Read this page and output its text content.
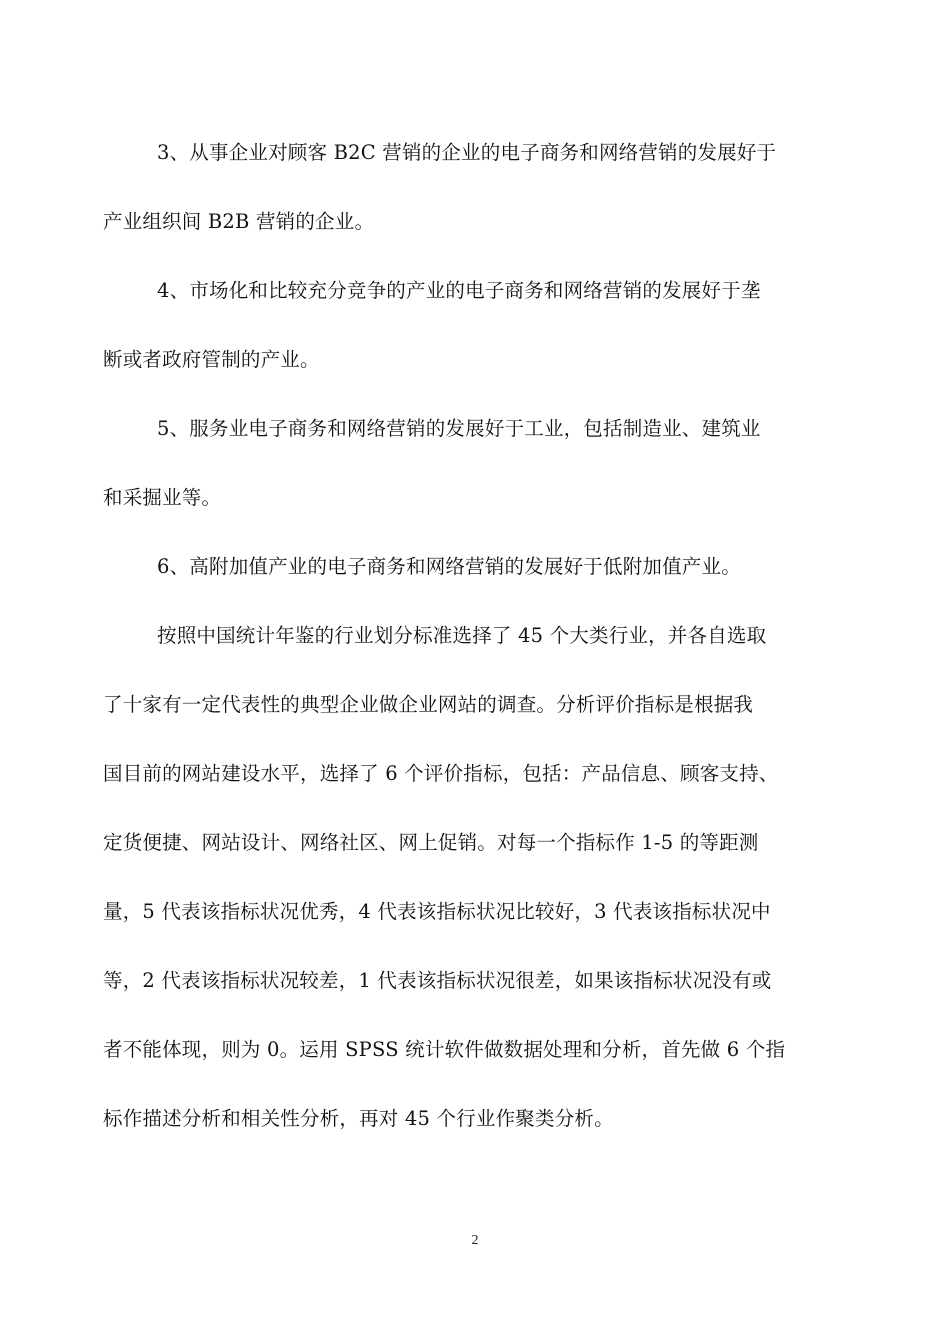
3、从事企业对顾客 B2C 营销的企业的电子商务和网络营销的发展好于
产业组织间 B2B 营销的企业。
4、市场化和比较充分竞争的产业的电子商务和网络营销的发展好于垄
断或者政府管制的产业。
5、服务业电子商务和网络营销的发展好于工业，包括制造业、建筑业
和采掘业等。
6、高附加值产业的电子商务和网络营销的发展好于低附加值产业。
按照中国统计年鉴的行业划分标准选择了 45 个大类行业，并各自选取
了十家有一定代表性的典型企业做企业网站的调查。分析评价指标是根据我
国目前的网站建设水平，选择了 6 个评价指标，包括：产品信息、顾客支持、
定货便捷、网站设计、网络社区、网上促销。对每一个指标作 1-5 的等距测
量，5 代表该指标状况优秀，4 代表该指标状况比较好，3 代表该指标状况中
等，2 代表该指标状况较差，1 代表该指标状况很差，如果该指标状况没有或
者不能体现，则为 0。运用 SPSS 统计软件做数据处理和分析，首先做 6 个指
标作描述分析和相关性分析，再对 45 个行业作聚类分析。
2
